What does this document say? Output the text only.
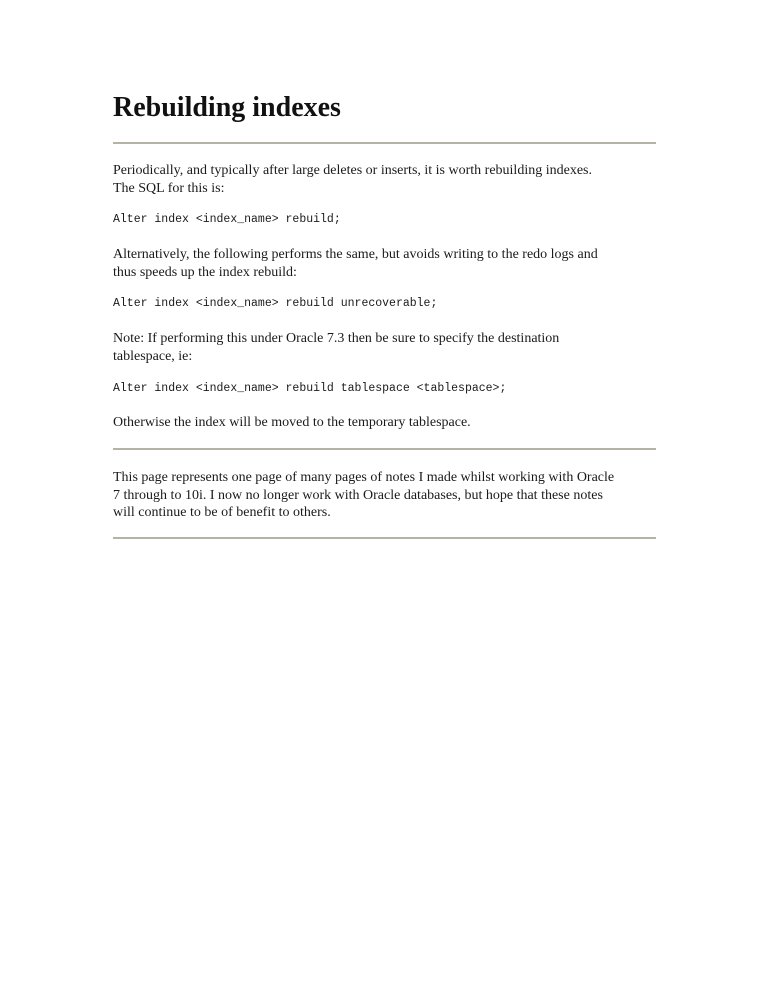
Rebuilding indexes

Periodically, and typically after large deletes or inserts, it is worth rebuilding indexes.
The SQL for this is:

Alter index <index_name> rebuild;

Alternatively, the following performs the same, but avoids writing to the redo logs and
thus speeds up the index rebuild:

Alter index <index_name> rebuild unrecoverable;

Note: If performing this under Oracle 7.3 then be sure to specify the destination
tablespace, ie:

Alter index <index_name> rebuild tablespace <tablespace>;

Otherwise the index will be moved to the temporary tablespace.

This page represents one page of many pages of notes I made whilst working with Oracle
7 through to 10i. I now no longer work with Oracle databases, but hope that these notes
will continue to be of benefit to others.
